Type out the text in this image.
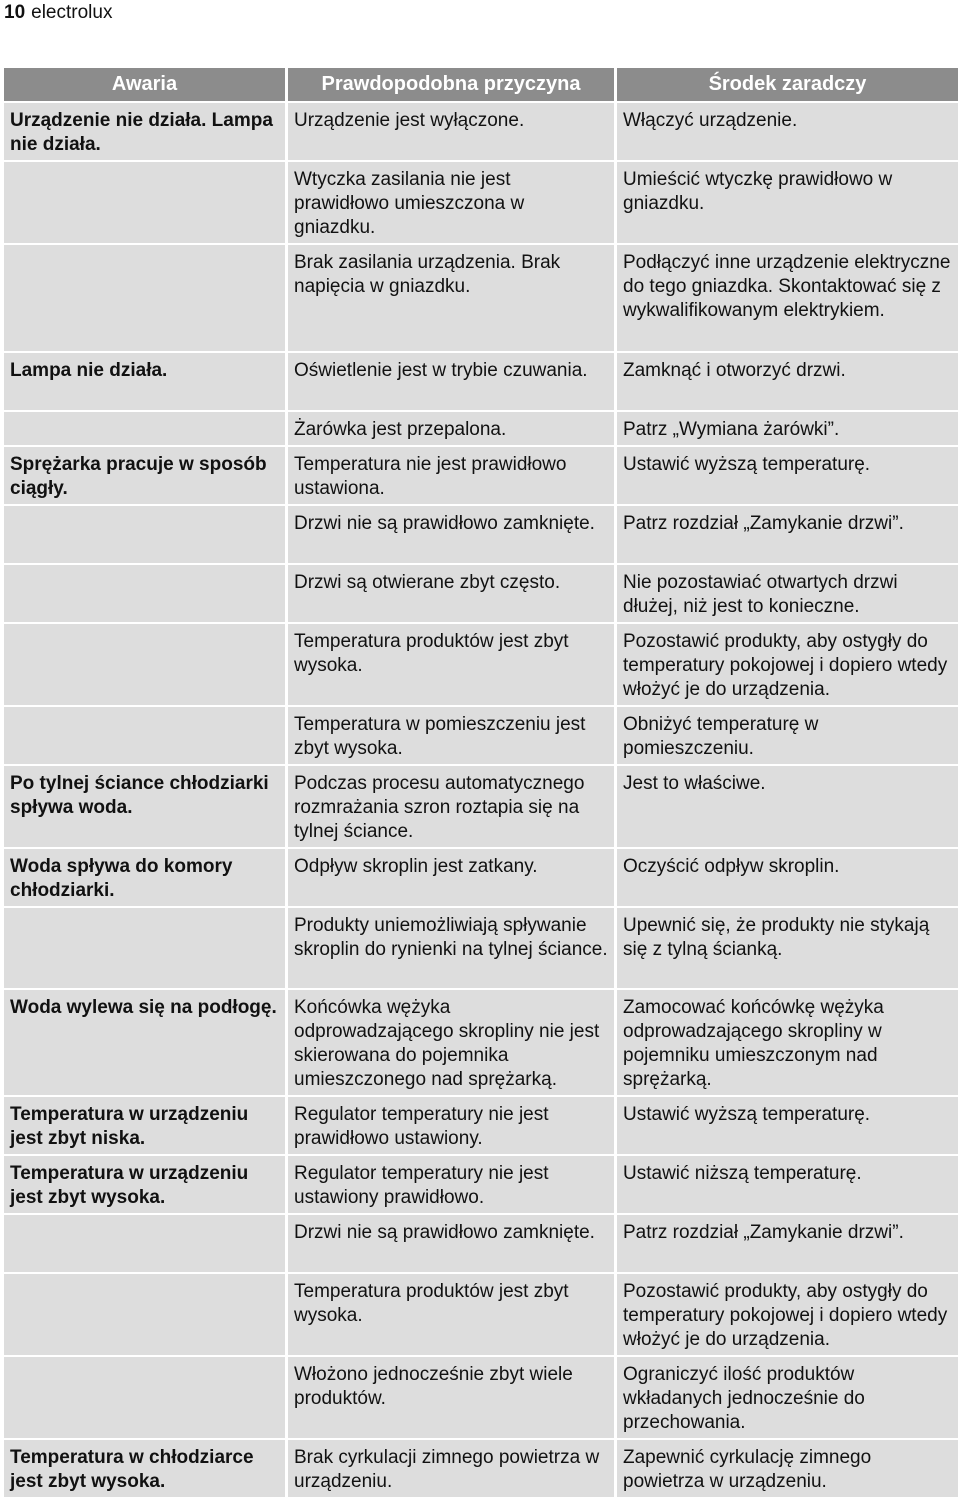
10 electrolux
Awaria	Prawdopodobna przyczyna	Środek zaradczy
Urządzenie nie działa. Lampa nie działa.	Urządzenie jest wyłączone.	Włączyć urządzenie.
	Wtyczka zasilania nie jest prawidłowo umieszczona w gniazdku.	Umieścić wtyczkę prawidłowo w gniazdku.
	Brak zasilania urządzenia. Brak napięcia w gniazdku.	Podłączyć inne urządzenie elektryczne do tego gniazdka. Skontaktować się z wykwalifikowanym elektrykiem.
Lampa nie działa.	Oświetlenie jest w trybie czuwania.	Zamknąć i otworzyć drzwi.
	Żarówka jest przepalona.	Patrz „Wymiana żarówki”.
Sprężarka pracuje w sposób ciągły.	Temperatura nie jest prawidłowo ustawiona.	Ustawić wyższą temperaturę.
	Drzwi nie są prawidłowo zamknięte.	Patrz rozdział „Zamykanie drzwi”.
	Drzwi są otwierane zbyt często.	Nie pozostawiać otwartych drzwi dłużej, niż jest to konieczne.
	Temperatura produktów jest zbyt wysoka.	Pozostawić produkty, aby ostygły do temperatury pokojowej i dopiero wtedy włożyć je do urządzenia.
	Temperatura w pomieszczeniu jest zbyt wysoka.	Obniżyć temperaturę w pomieszczeniu.
Po tylnej ściance chłodziarki spływa woda.	Podczas procesu automatycznego rozmrażania szron roztapia się na tylnej ściance.	Jest to właściwe.
Woda spływa do komory chłodziarki.	Odpływ skroplin jest zatkany.	Oczyścić odpływ skroplin.
	Produkty uniemożliwiają spływanie skroplin do rynienki na tylnej ściance.	Upewnić się, że produkty nie stykają się z tylną ścianką.
Woda wylewa się na podłogę.	Końcówka wężyka odprowadzającego skropliny nie jest skierowana do pojemnika umieszczonego nad sprężarką.	Zamocować końcówkę wężyka odprowadzającego skropliny w pojemniku umieszczonym nad sprężarką.
Temperatura w urządzeniu jest zbyt niska.	Regulator temperatury nie jest prawidłowo ustawiony.	Ustawić wyższą temperaturę.
Temperatura w urządzeniu jest zbyt wysoka.	Regulator temperatury nie jest ustawiony prawidłowo.	Ustawić niższą temperaturę.
	Drzwi nie są prawidłowo zamknięte.	Patrz rozdział „Zamykanie drzwi”.
	Temperatura produktów jest zbyt wysoka.	Pozostawić produkty, aby ostygły do temperatury pokojowej i dopiero wtedy włożyć je do urządzenia.
	Włożono jednocześnie zbyt wiele produktów.	Ograniczyć ilość produktów wkładanych jednocześnie do przechowania.
Temperatura w chłodziarce jest zbyt wysoka.	Brak cyrkulacji zimnego powietrza w urządzeniu.	Zapewnić cyrkulację zimnego powietrza w urządzeniu.
